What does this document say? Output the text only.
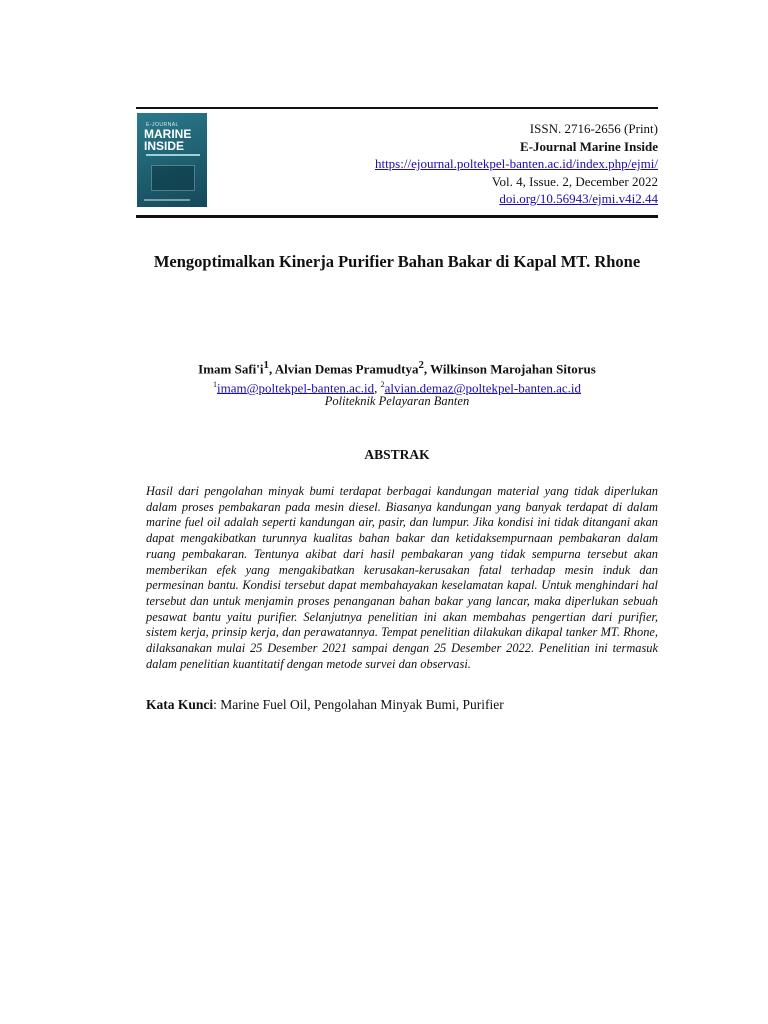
E-JOURNAL
MARINE
INSIDE
ISSN. 2716-2656 (Print)
E-Journal Marine Inside
https://ejournal.poltekpel-banten.ac.id/index.php/ejmi/
Vol. 4, Issue. 2, December 2022
doi.org/10.56943/ejmi.v4i2.44
Mengoptimalkan Kinerja Purifier Bahan Bakar di Kapal MT. Rhone
Imam $Safi'i^1$, Alvian Demas Pramudtya$^2$, Wilkinson Marojahan Sitorus
$^1$imam@poltekpel-banten.ac.id, $^2$alvian.demaz@poltekpel-banten.ac.id
Politeknik Pelayaran Banten
ABSTRAK
Hasil dari pengolahan minyak bumi terdapat berbagai kandungan material yang tidak diperlukan dalam proses pembakaran pada mesin diesel. Biasanya kandungan yang banyak terdapat di dalam marine fuel oil adalah seperti kandungan air, pasir, dan lumpur. Jika kondisi ini tidak ditangani akan dapat mengakibatkan turunnya kualitas bahan bakar dan ketidaksempurnaan pembakaran dalam ruang pembakaran. Tentunya akibat dari hasil pembakaran yang tidak sempurna tersebut akan memberikan efek yang mengakibatkan kerusakan-kerusakan fatal terhadap mesin induk dan permesinan bantu. Kondisi tersebut dapat membahayakan keselamatan kapal. Untuk menghindari hal tersebut dan untuk menjamin proses penanganan bahan bakar yang lancar, maka diperlukan sebuah pesawat bantu yaitu purifier. Selanjutnya penelitian ini akan membahas pengertian dari purifier, sistem kerja, prinsip kerja, dan perawatannya. Tempat penelitian dilakukan dikapal tanker MT. Rhone, dilaksanakan mulai 25 Desember 2021 sampai dengan 25 Desember 2022. Penelitian ini termasuk dalam penelitian kuantitatif dengan metode survei dan observasi.
Kata Kunci: Marine Fuel Oil, Pengolahan Minyak Bumi, Purifier
